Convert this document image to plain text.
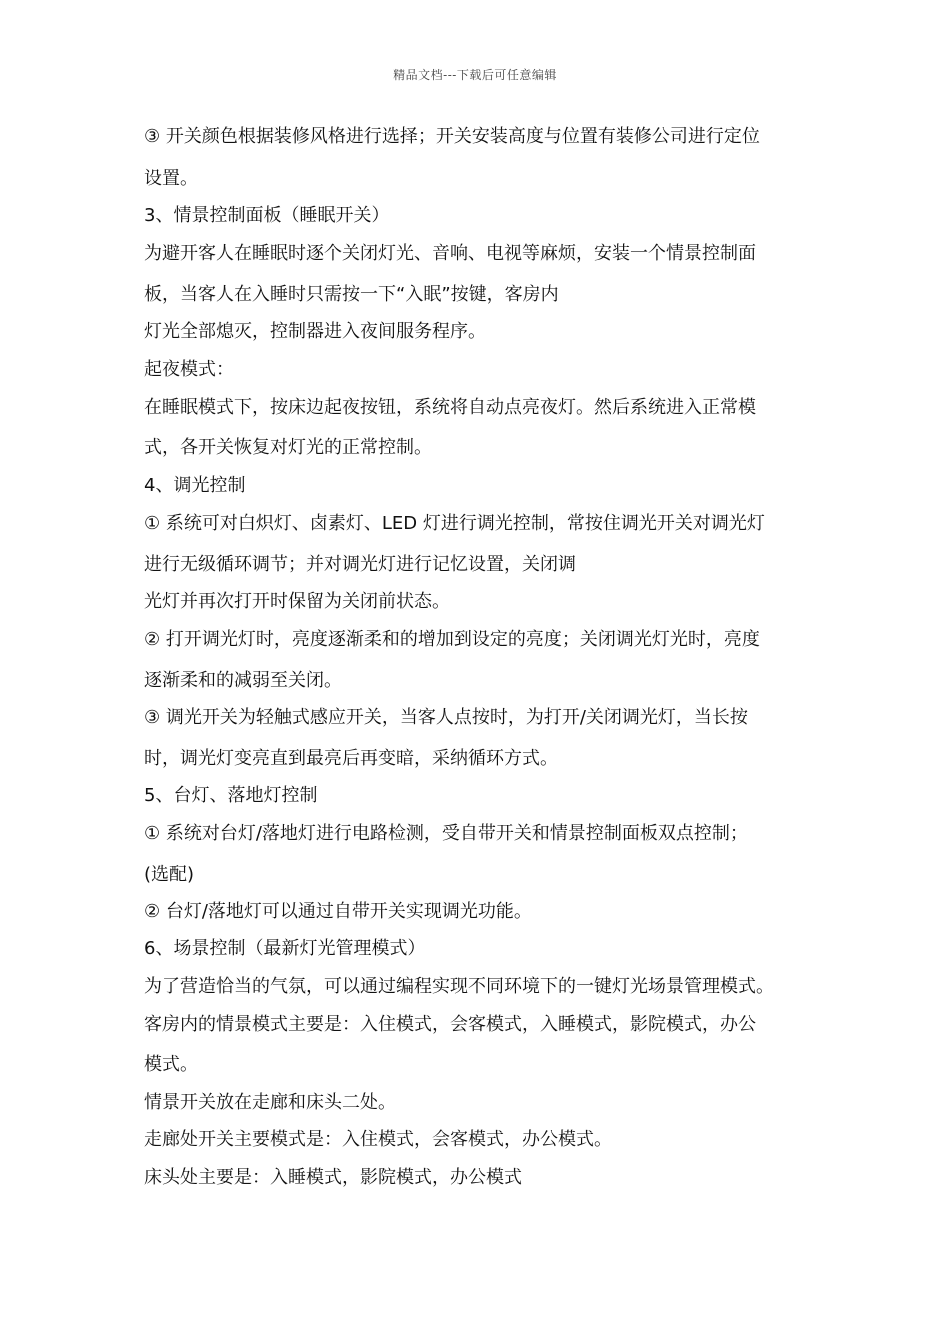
精品文档---下载后可任意编辑
③ 开关颜色根据装修风格进行选择；开关安装高度与位置有装修公司进行定位
设置。
3、情景控制面板（睡眠开关）
为避开客人在睡眠时逐个关闭灯光、音响、电视等麻烦，安装一个情景控制面
板，当客人在入睡时只需按一下“入眠”按键，客房内
灯光全部熄灭，控制器进入夜间服务程序。
起夜模式：
在睡眠模式下，按床边起夜按钮，系统将自动点亮夜灯。然后系统进入正常模
式，各开关恢复对灯光的正常控制。
4、调光控制
① 系统可对白炽灯、卤素灯、LED 灯进行调光控制，常按住调光开关对调光灯
进行无级循环调节；并对调光灯进行记忆设置，关闭调
光灯并再次打开时保留为关闭前状态。
② 打开调光灯时，亮度逐渐柔和的增加到设定的亮度；关闭调光灯光时，亮度
逐渐柔和的减弱至关闭。
③ 调光开关为轻触式感应开关，当客人点按时，为打开/关闭调光灯，当长按
时，调光灯变亮直到最亮后再变暗，采纳循环方式。
5、台灯、落地灯控制
① 系统对台灯/落地灯进行电路检测，受自带开关和情景控制面板双点控制；
(选配)
② 台灯/落地灯可以通过自带开关实现调光功能。
6、场景控制（最新灯光管理模式）
为了营造恰当的气氛，可以通过编程实现不同环境下的一键灯光场景管理模式。
客房内的情景模式主要是：入住模式，会客模式，入睡模式，影院模式，办公
模式。
情景开关放在走廊和床头二处。
走廊处开关主要模式是：入住模式，会客模式，办公模式。
床头处主要是：入睡模式，影院模式，办公模式
